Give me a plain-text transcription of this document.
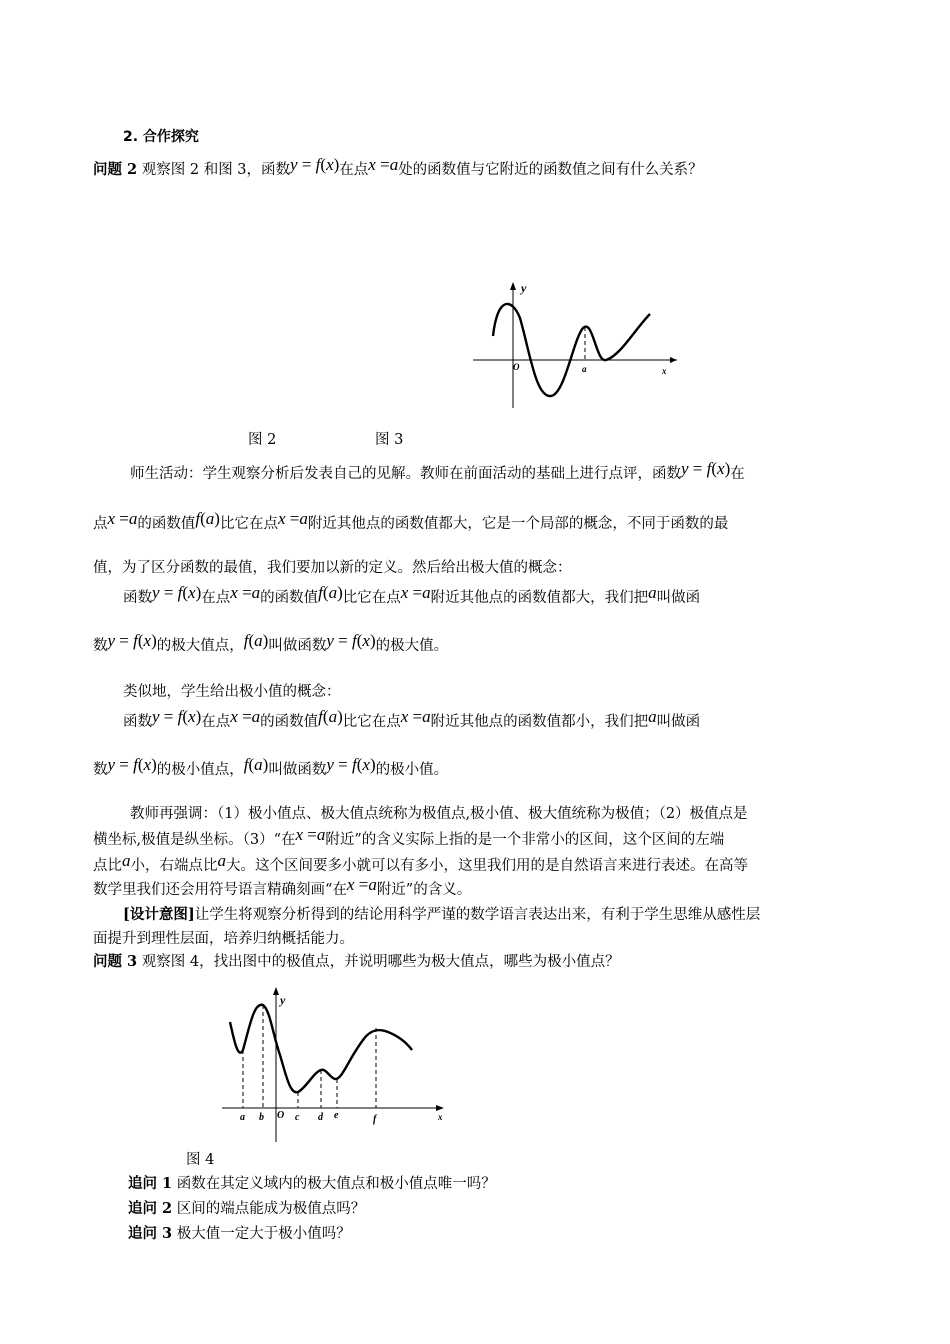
2. 合作探究
问题 2 观察图 2 和图 3，函数y = f(x)在点x =a处的函数值与它附近的函数值之间有什么关系？
y
O	a	x
图 2	图 3
师生活动：学生观察分析后发表自己的见解。教师在前面活动的基础上进行点评，函数y = f(x)在
点x =a的函数值f(a)比它在点x =a附近其他点的函数值都大，它是一个局部的概念，不同于函数的最
值，为了区分函数的最值，我们要加以新的定义。然后给出极大值的概念：
函数y = f(x)在点x =a的函数值f(a)比它在点x =a附近其他点的函数值都大，我们把a叫做函
数y = f(x)的极大值点，f(a)叫做函数y = f(x)的极大值。
类似地，学生给出极小值的概念：
函数y = f(x)在点x =a的函数值f(a)比它在点x =a附近其他点的函数值都小，我们把a叫做函
数y = f(x)的极小值点，f(a)叫做函数y = f(x)的极小值。
教师再强调：（1）极小值点、极大值点统称为极值点,极小值、极大值统称为极值；（2）极值点是
横坐标,极值是纵坐标。（3）“在x =a附近”的含义实际上指的是一个非常小的区间，这个区间的左端
点比a小，右端点比a大。这个区间要多小就可以有多小，这里我们用的是自然语言来进行表述。在高等
数学里我们还会用符号语言精确刻画“在x =a附近”的含义。
[设计意图]让学生将观察分析得到的结论用科学严谨的数学语言表达出来，有利于学生思维从感性层
面提升到理性层面，培养归纳概括能力。
问题 3 观察图 4，找出图中的极值点，并说明哪些为极大值点，哪些为极小值点？
y
x
O
a b	c d e	f
图 4
追问 1 函数在其定义域内的极大值点和极小值点唯一吗？
追问 2 区间的端点能成为极值点吗？
追问 3 极大值一定大于极小值吗？
